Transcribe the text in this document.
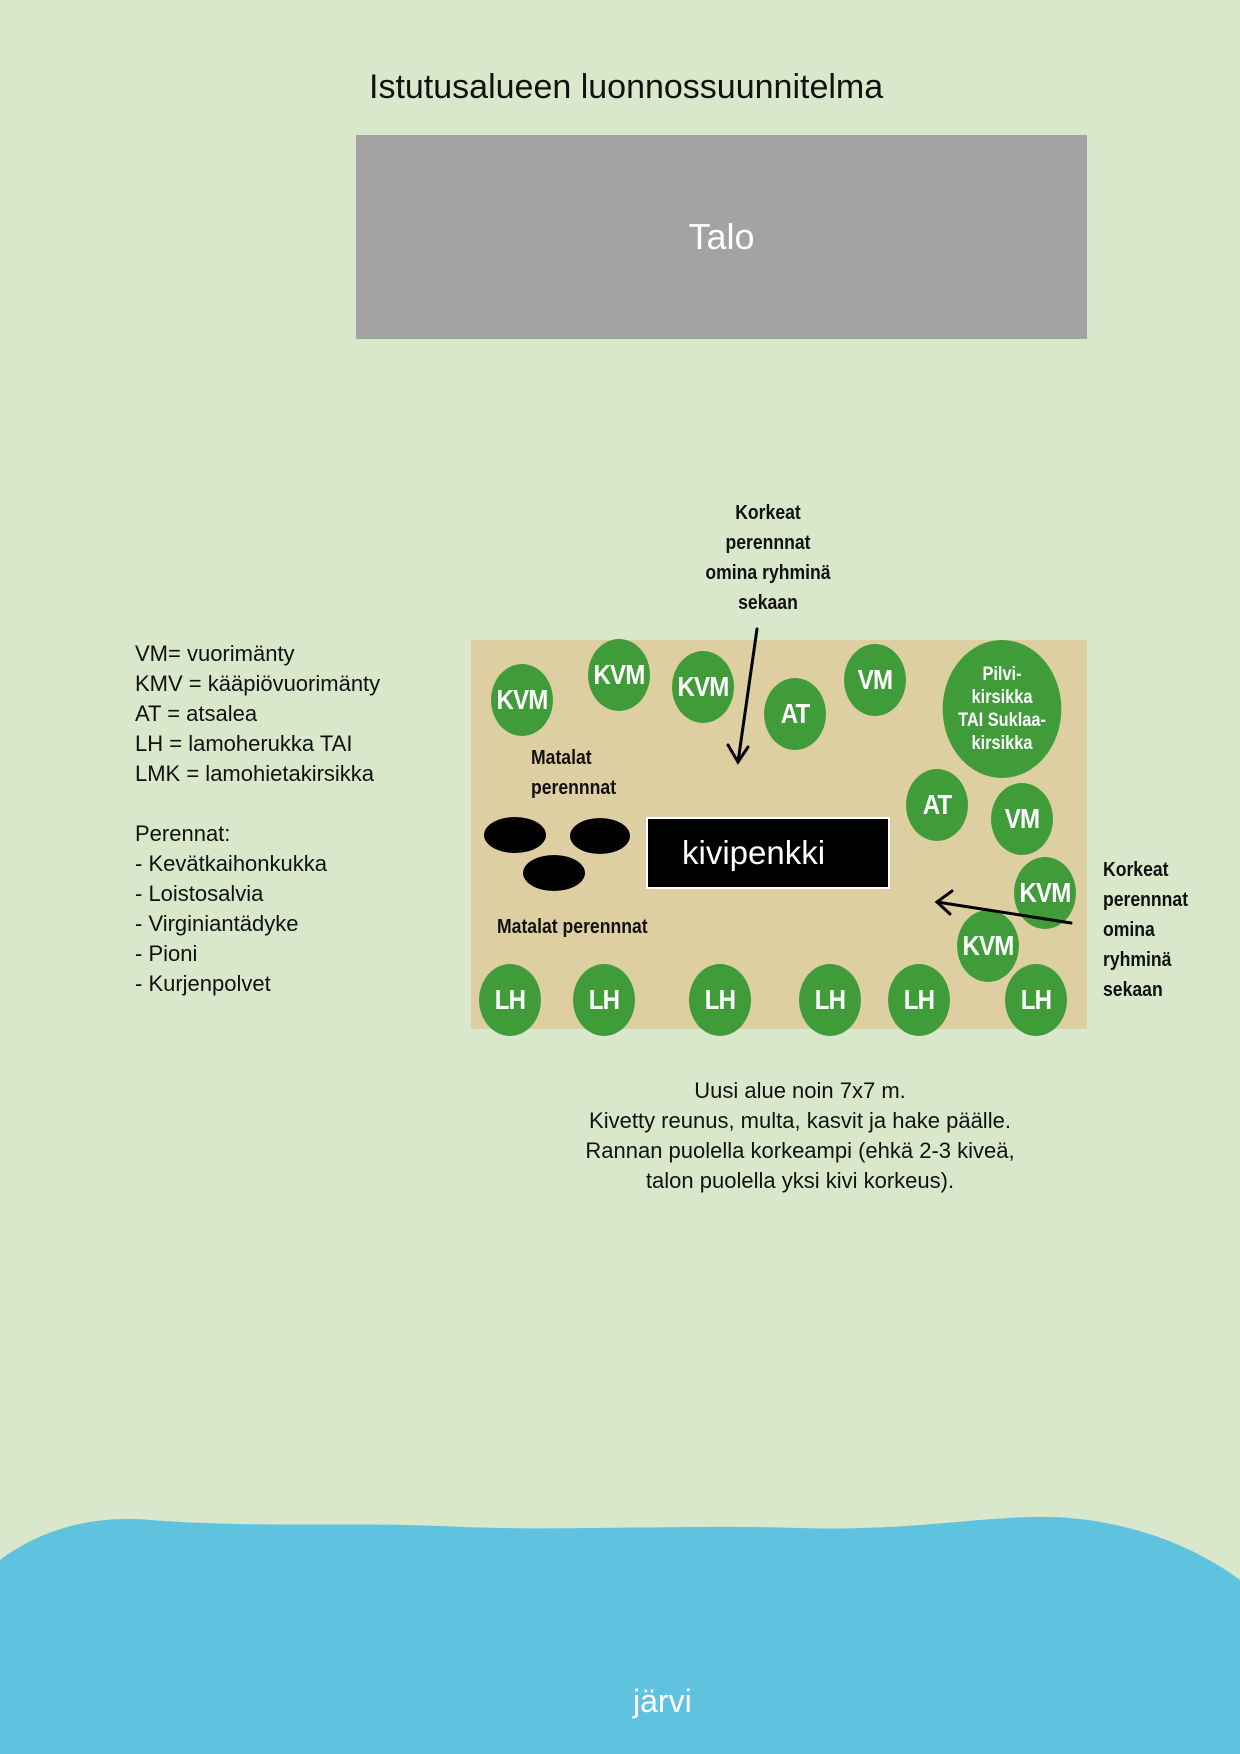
Istutusalueen luonnossuunnitelma
Talo
kivipenkki
KVM
KVM KVM
AT
VM	Pilvi-
kirsikka
TAI Suklaa-
kirsikka
AT	VM
KVM
KVM
LH	LH	LH	LH	LH	LH
Matalat
perennnat
Matalat perennnat
Korkeat
perennnat
omina ryhminä
sekaan
Korkeat
perennnat
omina
ryhminä
sekaan
VM= vuorimänty
KMV = kääpiövuorimänty
AT = atsalea
LH = lamoherukka TAI
LMK = lamohietakirsikka
Perennat:
- Kevätkaihonkukka
- Loistosalvia
- Virginiantädyke
- Pioni
- Kurjenpolvet
Uusi alue noin 7x7 m.
Kivetty reunus, multa, kasvit ja hake päälle.
Rannan puolella korkeampi (ehkä 2-3 kiveä,
talon puolella yksi kivi korkeus).
järvi
